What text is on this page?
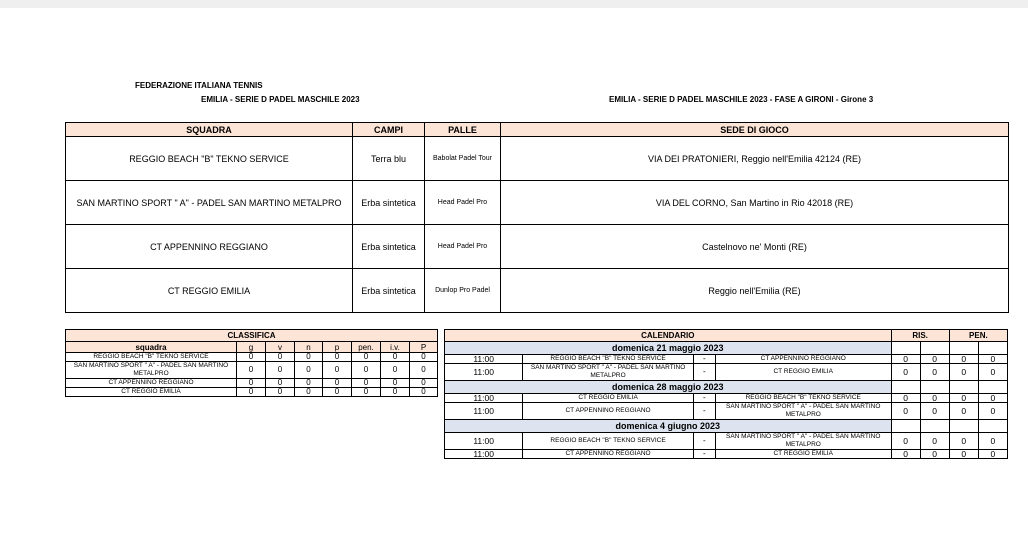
FEDERAZIONE ITALIANA TENNIS
EMILIA - SERIE D PADEL MASCHILE 2023	EMILIA - SERIE D PADEL MASCHILE 2023 - FASE A GIRONI - Girone 3
SQUADRA	CAMPI	PALLE	SEDE DI GIOCO
REGGIO BEACH "B" TEKNO SERVICE	Terra blu	Babolat Padel Tour	VIA DEI PRATONIERI, Reggio nell'Emilia 42124 (RE)
SAN MARTINO SPORT " A" - PADEL SAN MARTINO METALPRO	Erba sintetica	Head Padel Pro	VIA DEL CORNO, San Martino in Rio 42018 (RE)
CT APPENNINO REGGIANO	Erba sintetica	Head Padel Pro	Castelnovo ne' Monti (RE)
CT REGGIO EMILIA	Erba sintetica	Dunlop Pro Padel	Reggio nell'Emilia (RE)
CLASSIFICA							
squadra	g	v	n	p	pen.	i.v.	P
REGGIO BEACH "B" TEKNO SERVICE	0	0	0	0	0	0	0
SAN MARTINO SPORT " A" - PADEL SAN MARTINO METALPRO	0	0	0	0	0	0	0
CT APPENNINO REGGIANO	0	0	0	0	0	0	0
CT REGGIO EMILIA	0	0	0	0	0	0	0
CALENDARIO				RIS.		PEN.	
domenica 21 maggio 2023							
11:00	REGGIO BEACH "B" TEKNO SERVICE	-	CT APPENNINO REGGIANO	0	0	0	0
11:00	SAN MARTINO SPORT " A" - PADEL SAN MARTINO METALPRO	-	CT REGGIO EMILIA	0	0	0	0
domenica 28 maggio 2023							
11:00	CT REGGIO EMILIA	-	REGGIO BEACH "B" TEKNO SERVICE	0	0	0	0
11:00	CT APPENNINO REGGIANO	-	SAN MARTINO SPORT " A" - PADEL SAN MARTINO METALPRO	0	0	0	0
domenica 4 giugno 2023							
11:00	REGGIO BEACH "B" TEKNO SERVICE	-	SAN MARTINO SPORT " A" - PADEL SAN MARTINO METALPRO	0	0	0	0
11:00	CT APPENNINO REGGIANO	-	CT REGGIO EMILIA	0	0	0	0
